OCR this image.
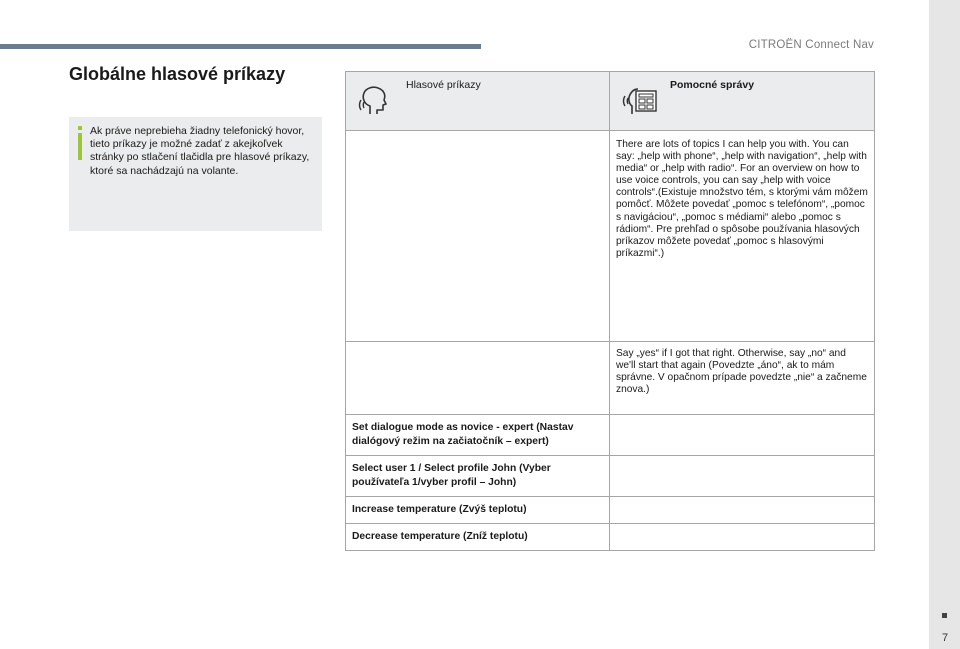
CITROËN Connect Nav
Globálne hlasové príkazy
Ak práve neprebieha žiadny telefonický hovor, tieto príkazy je možné zadať z akejkoľvek stránky po stlačení tlačidla pre hlasové príkazy, ktoré sa nachádzajú na volante.
Hlasové príkazy	Pomocné správy

	There are lots of topics I can help you with. You can say: „help with phone“, „help with navigation“, „help with media“ or „help with radio“. For an overview on how to use voice controls, you can say „help with voice controls“.(Existuje množstvo tém, s ktorými vám môžem pomôcť. Môžete povedať „pomoc s telefónom“, „pomoc s navigáciou“, „pomoc s médiami“ alebo „pomoc s rádiom“. Pre prehľad o spôsobe používania hlasových príkazov môžete povedať „pomoc s hlasovými príkazmi“.)
	Say „yes“ if I got that right. Otherwise, say „no“ and we'll start that again (Povedzte „áno“, ak to mám správne. V opačnom prípade povedzte „nie“ a začneme znova.)
Set dialogue mode as novice - expert (Nastav dialógový režim na začiatočník – expert)	
Select user 1 / Select profile John (Vyber používateľa 1/vyber profil – John)	
Increase temperature (Zvýš teplotu)	
Decrease temperature (Zníž teplotu)	
7
